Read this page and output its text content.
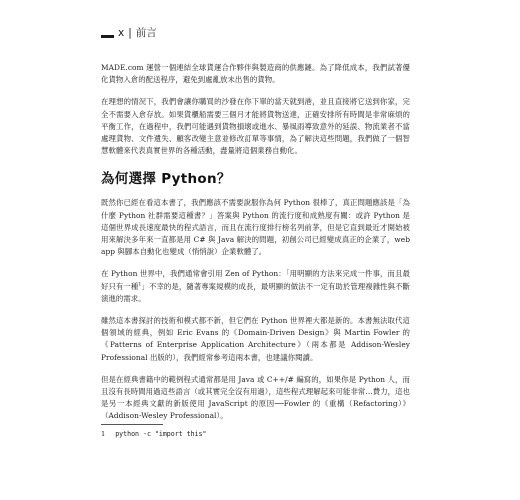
x | 前言

MADE.com 運營一個連結全球貨運合作夥伴與製造商的供應鏈。為了降低成本，我們試著優化貨物入倉的配送程序，避免到處亂放未出售的貨物。

在理想的情況下，我們會讓你購買的沙發在你下單的當天就到港，並且直接將它送到你家，完全不需要入倉存放。如果貨櫃船需要三個月才能將貨物送達，正確安排所有時間是非常麻煩的平衡工作，在過程中，我們可能遇到貨物損壞或進水、暴風雨導致意外的延誤、物流業者不當處理貨物、文件遺失、顧客改變主意並修改訂單等事情，為了解決這些問題，我們做了一個智慧軟體來代表真實世界的各種活動，盡量將這個業務自動化。

為何選擇 Python？

既然你已經在看這本書了，我們應該不需要說服你為何 Python 很棒了，真正問題應該是「為什麼 Python 社群需要這種書？」答案與 Python 的流行度和成熟度有關：或許 Python 是這個世界成長速度最快的程式語言，而且在流行度排行榜名列前茅，但是它直到最近才開始被用來解決多年來一直都是用 C# 與 Java 解決的問題，初創公司已經變成真正的企業了，web app 與腳本自動化也變成（悄悄說）企業軟體了。

在 Python 世界中，我們通常會引用 Zen of Python：「用明顯的方法來完成一件事，而且最好只有一種$^1$」不幸的是，隨著專案規模的成長，最明顯的做法不一定有助於管理複雜性與不斷演進的需求。

雖然這本書探討的技術和模式都不新，但它們在 Python 世界裡大都是新的。本書無法取代這個領域的經典，例如 Eric Evans 的《Domain-Driven Design》與 Martin Fowler 的《Patterns of Enterprise Application Architecture》（兩本都是 Addison-Wesley Professional 出版的），我們經常參考這兩本書，也建議你閱讀。

但是在經典書籍中的範例程式通常都是用 Java 或 C++/# 編寫的，如果你是 Python 人，而且沒有長時間用過這些語言（或其實完全沒有用過），這些程式理解起來可能非常…費力，這也是另一本經典文獻的新版使用 JavaScript 的原因──Fowler 的《重構（Refactoring）》（Addison-Wesley Professional）。

1 python -c "import this"
